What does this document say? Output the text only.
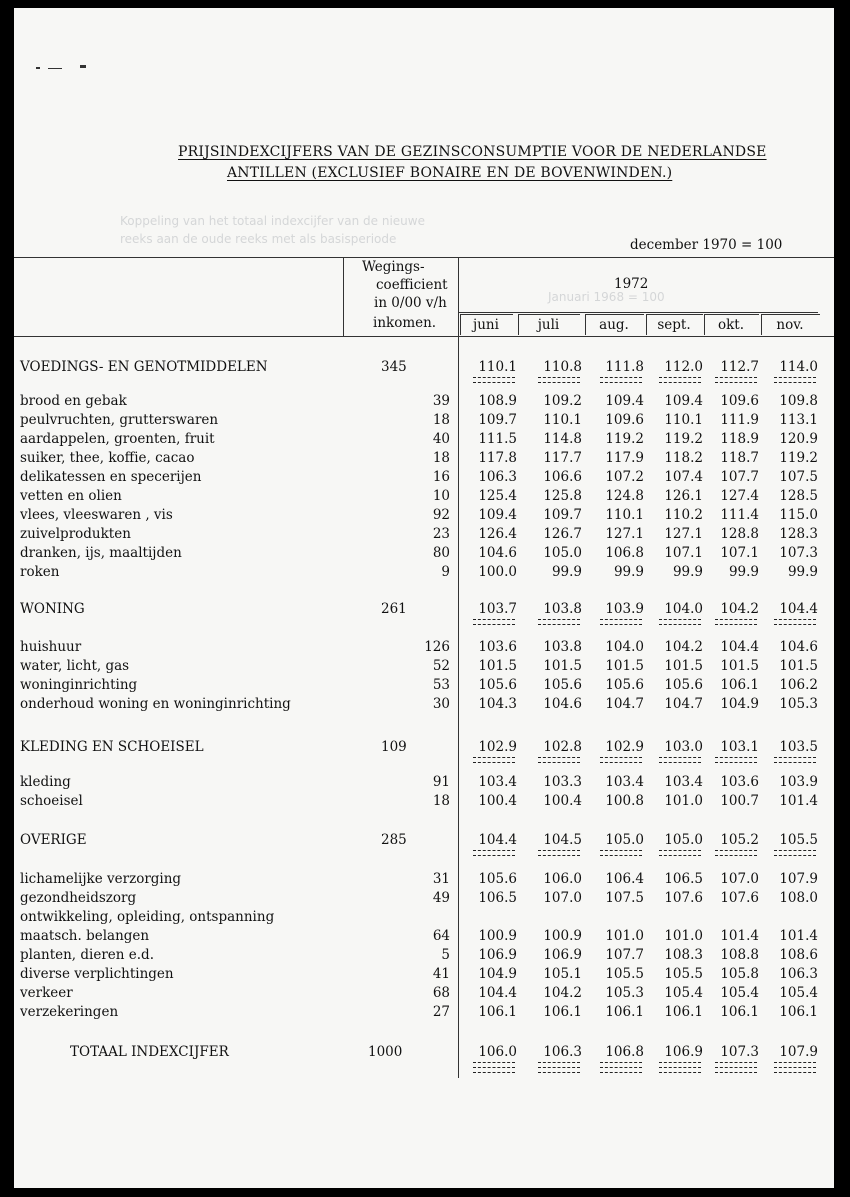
Koppeling van het totaal indexcijfer van de nieuwe
reeks aan de oude reeks met als basisperiode
Januari 1968 = 100
PRIJSINDEXCIJFERS VAN DE GEZINSCONSUMPTIE VOOR DE NEDERLANDSE
ANTILLEN (EXCLUSIEF BONAIRE EN DE BOVENWINDEN.)
december 1970 = 100
Wegings-
coefficient
in 0/00 v/h
inkomen.
1972
juni	juli	aug.	sept.	okt.	nov.
VOEDINGS- EN GENOTMIDDELEN	345	110.1	110.8	111.8	112.0	112.7	114.0
brood en gebak	39	108.9	109.2	109.4	109.4	109.6	109.8
peulvruchten, grutterswaren	18	109.7	110.1	109.6	110.1	111.9	113.1
aardappelen, groenten, fruit	40	111.5	114.8	119.2	119.2	118.9	120.9
suiker, thee, koffie, cacao	18	117.8	117.7	117.9	118.2	118.7	119.2
delikatessen en specerijen	16	106.3	106.6	107.2	107.4	107.7	107.5
vetten en olien	10	125.4	125.8	124.8	126.1	127.4	128.5
vlees, vleeswaren , vis	92	109.4	109.7	110.1	110.2	111.4	115.0
zuivelprodukten	23	126.4	126.7	127.1	127.1	128.8	128.3
dranken, ijs, maaltijden	80	104.6	105.0	106.8	107.1	107.1	107.3
roken	9	100.0	99.9	99.9	99.9	99.9	99.9
WONING	261	103.7	103.8	103.9	104.0	104.2	104.4
huishuur	126	103.6	103.8	104.0	104.2	104.4	104.6
water, licht, gas	52	101.5	101.5	101.5	101.5	101.5	101.5
woninginrichting	53	105.6	105.6	105.6	105.6	106.1	106.2
onderhoud woning en woninginrichting	30	104.3	104.6	104.7	104.7	104.9	105.3
KLEDING EN SCHOEISEL	109	102.9	102.8	102.9	103.0	103.1	103.5
kleding	91	103.4	103.3	103.4	103.4	103.6	103.9
schoeisel	18	100.4	100.4	100.8	101.0	100.7	101.4
OVERIGE	285	104.4	104.5	105.0	105.0	105.2	105.5
lichamelijke verzorging	31	105.6	106.0	106.4	106.5	107.0	107.9
gezondheidszorg	49	106.5	107.0	107.5	107.6	107.6	108.0
ontwikkeling, opleiding, ontspanning
maatsch. belangen	64	100.9	100.9	101.0	101.0	101.4	101.4
planten, dieren e.d.	5	106.9	106.9	107.7	108.3	108.8	108.6
diverse verplichtingen	41	104.9	105.1	105.5	105.5	105.8	106.3
verkeer	68	104.4	104.2	105.3	105.4	105.4	105.4
verzekeringen	27	106.1	106.1	106.1	106.1	106.1	106.1
TOTAAL INDEXCIJFER	1000	106.0	106.3	106.8	106.9	107.3	107.9
